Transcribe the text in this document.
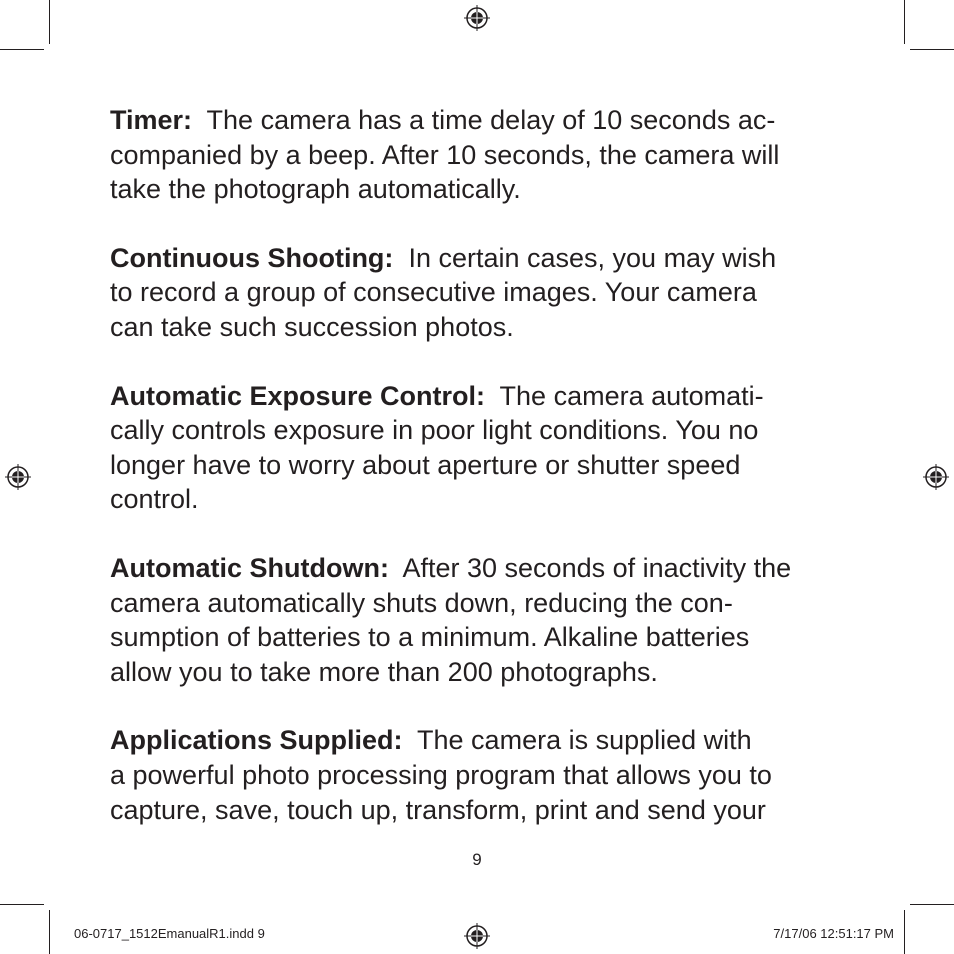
Timer: The camera has a time delay of 10 seconds ac-
companied by a beep. After 10 seconds, the camera will
take the photograph automatically.

Continuous Shooting: In certain cases, you may wish
to record a group of consecutive images. Your camera
can take such succession photos.

Automatic Exposure Control: The camera automati-
cally controls exposure in poor light conditions. You no
longer have to worry about aperture or shutter speed
control.

Automatic Shutdown: After 30 seconds of inactivity the
camera automatically shuts down, reducing the con-
sumption of batteries to a minimum. Alkaline batteries
allow you to take more than 200 photographs.

Applications Supplied: The camera is supplied with
a powerful photo processing program that allows you to
capture, save, touch up, transform, print and send your

9
06-0717_1512EmanualR1.indd 9	7/17/06 12:51:17 PM
